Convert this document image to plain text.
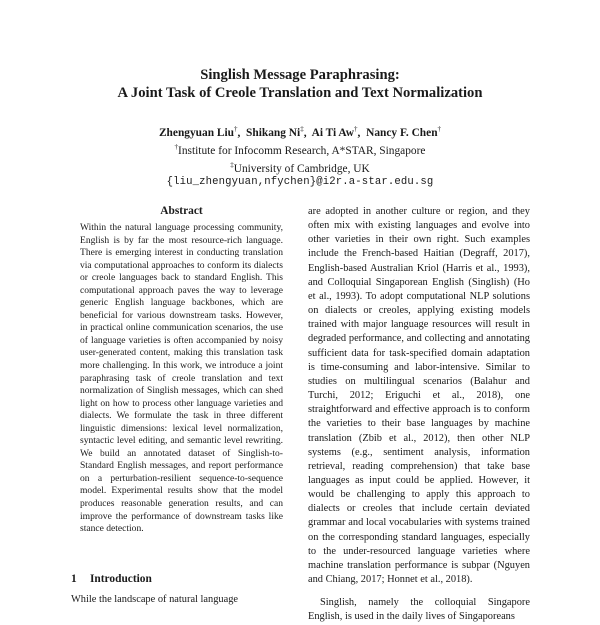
Singlish Message Paraphrasing:
A Joint Task of Creole Translation and Text Normalization
Zhengyuan Liu†, Shikang Ni‡, Ai Ti Aw†, Nancy F. Chen†
†Institute for Infocomm Research, A*STAR, Singapore
‡University of Cambridge, UK
{liu_zhengyuan,nfychen}@i2r.a-star.edu.sg
Abstract

Within the natural language processing community, English is by far the most resource-rich language. There is emerging interest in conducting translation via computational approaches to conform its dialects or creole languages back to standard English. This computational approach paves the way to leverage generic English language backbones, which are beneficial for various downstream tasks. However, in practical online communication scenarios, the use of language varieties is often accompanied by noisy user-generated content, making this translation task more challenging. In this work, we introduce a joint paraphrasing task of creole translation and text normalization of Singlish messages, which can shed light on how to process other language varieties and dialects. We formulate the task in three different linguistic dimensions: lexical level normalization, syntactic level editing, and semantic level rewriting. We build an annotated dataset of Singlish-to-Standard English messages, and report performance on a perturbation-resilient sequence-to-sequence model. Experimental results show that the model produces reasonable generation results, and can improve the performance of downstream tasks like stance detection.

1 Introduction
While the landscape of natural language

are adopted in another culture or region, and they often mix with existing languages and evolve into other varieties in their own right. Such examples include the French-based Haitian (Degraff, 2017), English-based Australian Kriol (Harris et al., 1993), and Colloquial Singaporean English (Singlish) (Ho et al., 1993). To adopt computational NLP solutions on dialects or creoles, applying existing models trained with major language resources will result in degraded performance, and collecting and annotating sufficient data for task-specified domain adaptation is time-consuming and labor-intensive. Similar to studies on multilingual scenarios (Balahur and Turchi, 2012; Eriguchi et al., 2018), one straightforward and effective approach is to conform the varieties to their base languages by machine translation (Zbib et al., 2012), then other NLP systems (e.g., sentiment analysis, information retrieval, reading comprehension) that take base languages as input could be applied. However, it would be challenging to apply this approach to dialects or creoles that include certain deviated grammar and local vocabularies with systems trained on the corresponding standard languages, especially to the under-resourced language varieties where machine translation performance is subpar (Nguyen and Chiang, 2017; Honnet et al., 2018).

Singlish, namely the colloquial Singapore English, is used in the daily lives of Singaporeans
